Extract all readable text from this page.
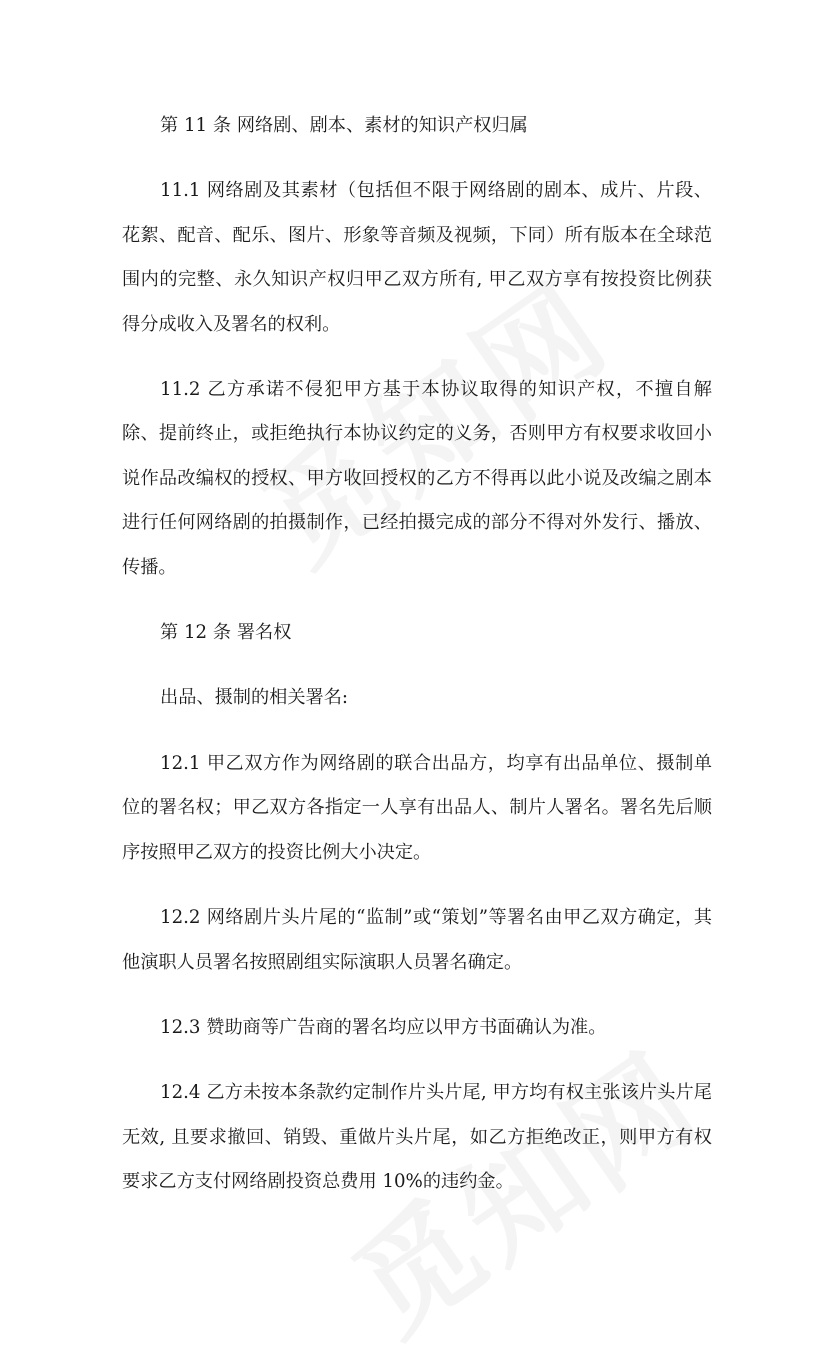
第 11 条 网络剧、剧本、素材的知识产权归属

11.1 网络剧及其素材（包括但不限于网络剧的剧本、成片、片段、花絮、配音、配乐、图片、形象等音频及视频，下同）所有版本在全球范围内的完整、永久知识产权归甲乙双方所有, 甲乙双方享有按投资比例获得分成收入及署名的权利。

11.2 乙方承诺不侵犯甲方基于本协议取得的知识产权，不擅自解除、提前终止，或拒绝执行本协议约定的义务，否则甲方有权要求收回小说作品改编权的授权、甲方收回授权的乙方不得再以此小说及改编之剧本进行任何网络剧的拍摄制作，已经拍摄完成的部分不得对外发行、播放、传播。

第 12 条 署名权

出品、摄制的相关署名:

12.1 甲乙双方作为网络剧的联合出品方，均享有出品单位、摄制单位的署名权；甲乙双方各指定一人享有出品人、制片人署名。署名先后顺序按照甲乙双方的投资比例大小决定。

12.2 网络剧片头片尾的“监制”或“策划”等署名由甲乙双方确定，其他演职人员署名按照剧组实际演职人员署名确定。

12.3 赞助商等广告商的署名均应以甲方书面确认为准。

12.4 乙方未按本条款约定制作片头片尾, 甲方均有权主张该片头片尾无效, 且要求撤回、销毁、重做片头片尾，如乙方拒绝改正，则甲方有权要求乙方支付网络剧投资总费用 10%的违约金。
